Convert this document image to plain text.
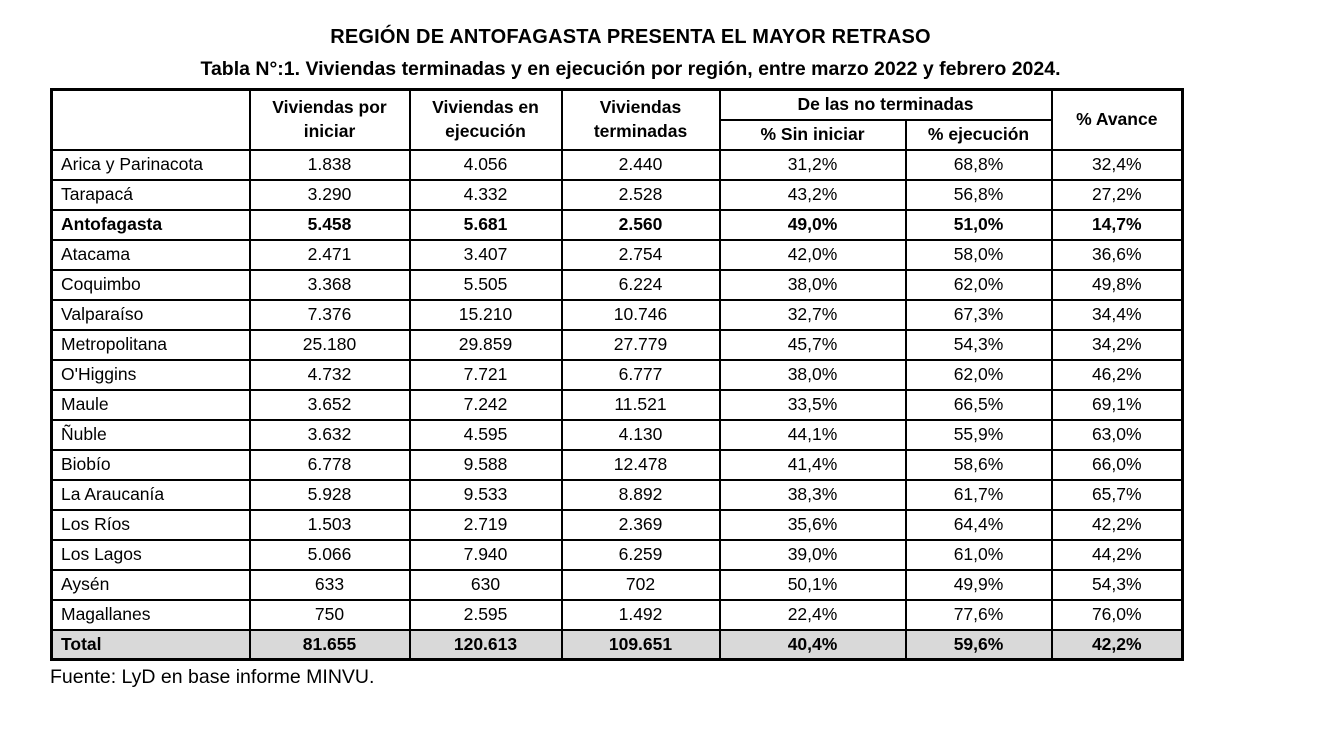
REGIÓN DE ANTOFAGASTA PRESENTA EL MAYOR RETRASO
Tabla N°:1. Viviendas terminadas y en ejecución por región, entre marzo 2022 y febrero 2024.
	Viviendas por iniciar	Viviendas en ejecución	Viviendas terminadas	De las no terminadas		% Avance
				% Sin iniciar	% ejecución	
Arica y Parinacota	1.838	4.056	2.440	31,2%	68,8%	32,4%
Tarapacá	3.290	4.332	2.528	43,2%	56,8%	27,2%
Antofagasta	5.458	5.681	2.560	49,0%	51,0%	14,7%
Atacama	2.471	3.407	2.754	42,0%	58,0%	36,6%
Coquimbo	3.368	5.505	6.224	38,0%	62,0%	49,8%
Valparaíso	7.376	15.210	10.746	32,7%	67,3%	34,4%
Metropolitana	25.180	29.859	27.779	45,7%	54,3%	34,2%
O'Higgins	4.732	7.721	6.777	38,0%	62,0%	46,2%
Maule	3.652	7.242	11.521	33,5%	66,5%	69,1%
Ñuble	3.632	4.595	4.130	44,1%	55,9%	63,0%
Biobío	6.778	9.588	12.478	41,4%	58,6%	66,0%
La Araucanía	5.928	9.533	8.892	38,3%	61,7%	65,7%
Los Ríos	1.503	2.719	2.369	35,6%	64,4%	42,2%
Los Lagos	5.066	7.940	6.259	39,0%	61,0%	44,2%
Aysén	633	630	702	50,1%	49,9%	54,3%
Magallanes	750	2.595	1.492	22,4%	77,6%	76,0%
Total	81.655	120.613	109.651	40,4%	59,6%	42,2%
Fuente: LyD en base informe MINVU.
